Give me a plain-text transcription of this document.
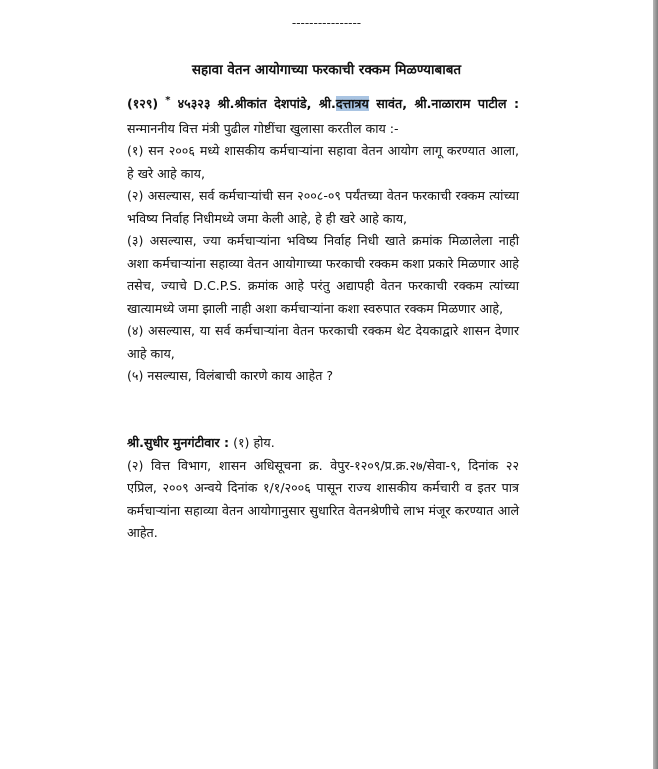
----------------
सहावा वेतन आयोगाच्या फरकाची रक्कम मिळण्याबाबत

(१२९) * ४५३२३ श्री.श्रीकांत देशपांडे, श्री.दत्तात्रय सावंत, श्री.नाळाराम पाटील : सन्माननीय वित्त मंत्री पुढील गोष्टींचा खुलासा करतील काय :-

(१) सन २००६ मध्ये शासकीय कर्मचाऱ्यांना सहावा वेतन आयोग लागू करण्यात आला, हे खरे आहे काय,

(२) असल्यास, सर्व कर्मचाऱ्यांची सन २००८-०९ पर्यंतच्या वेतन फरकाची रक्कम त्यांच्या भविष्य निर्वाह निधीमध्ये जमा केली आहे, हे ही खरे आहे काय,

(३) असल्यास, ज्या कर्मचाऱ्यांना भविष्य निर्वाह निधी खाते क्रमांक मिळालेला नाही अशा कर्मचाऱ्यांना सहाव्या वेतन आयोगाच्या फरकाची रक्कम कशा प्रकारे मिळणार आहे तसेच, ज्याचे D.C.P.S. क्रमांक आहे परंतु अद्यापही वेतन फरकाची रक्कम त्यांच्या खात्यामध्ये जमा झाली नाही अशा कर्मचाऱ्यांना कशा स्वरुपात रक्कम मिळणार आहे,

(४) असल्यास, या सर्व कर्मचाऱ्यांना वेतन फरकाची रक्कम थेट देयकाद्वारे शासन देणार आहे काय,

(५) नसल्यास, विलंबाची कारणे काय आहेत ?

श्री.सुधीर मुनगंटीवार : (१) होय.

(२) वित्त विभाग, शासन अधिसूचना क्र. वेपुर-१२०९/प्र.क्र.२७/सेवा-९, दिनांक २२ एप्रिल, २००९ अन्वये दिनांक १/१/२००६ पासून राज्य शासकीय कर्मचारी व इतर पात्र कर्मचाऱ्यांना सहाव्या वेतन आयोगानुसार सुधारित वेतनश्रेणीचे लाभ मंजूर करण्यात आले आहेत.
